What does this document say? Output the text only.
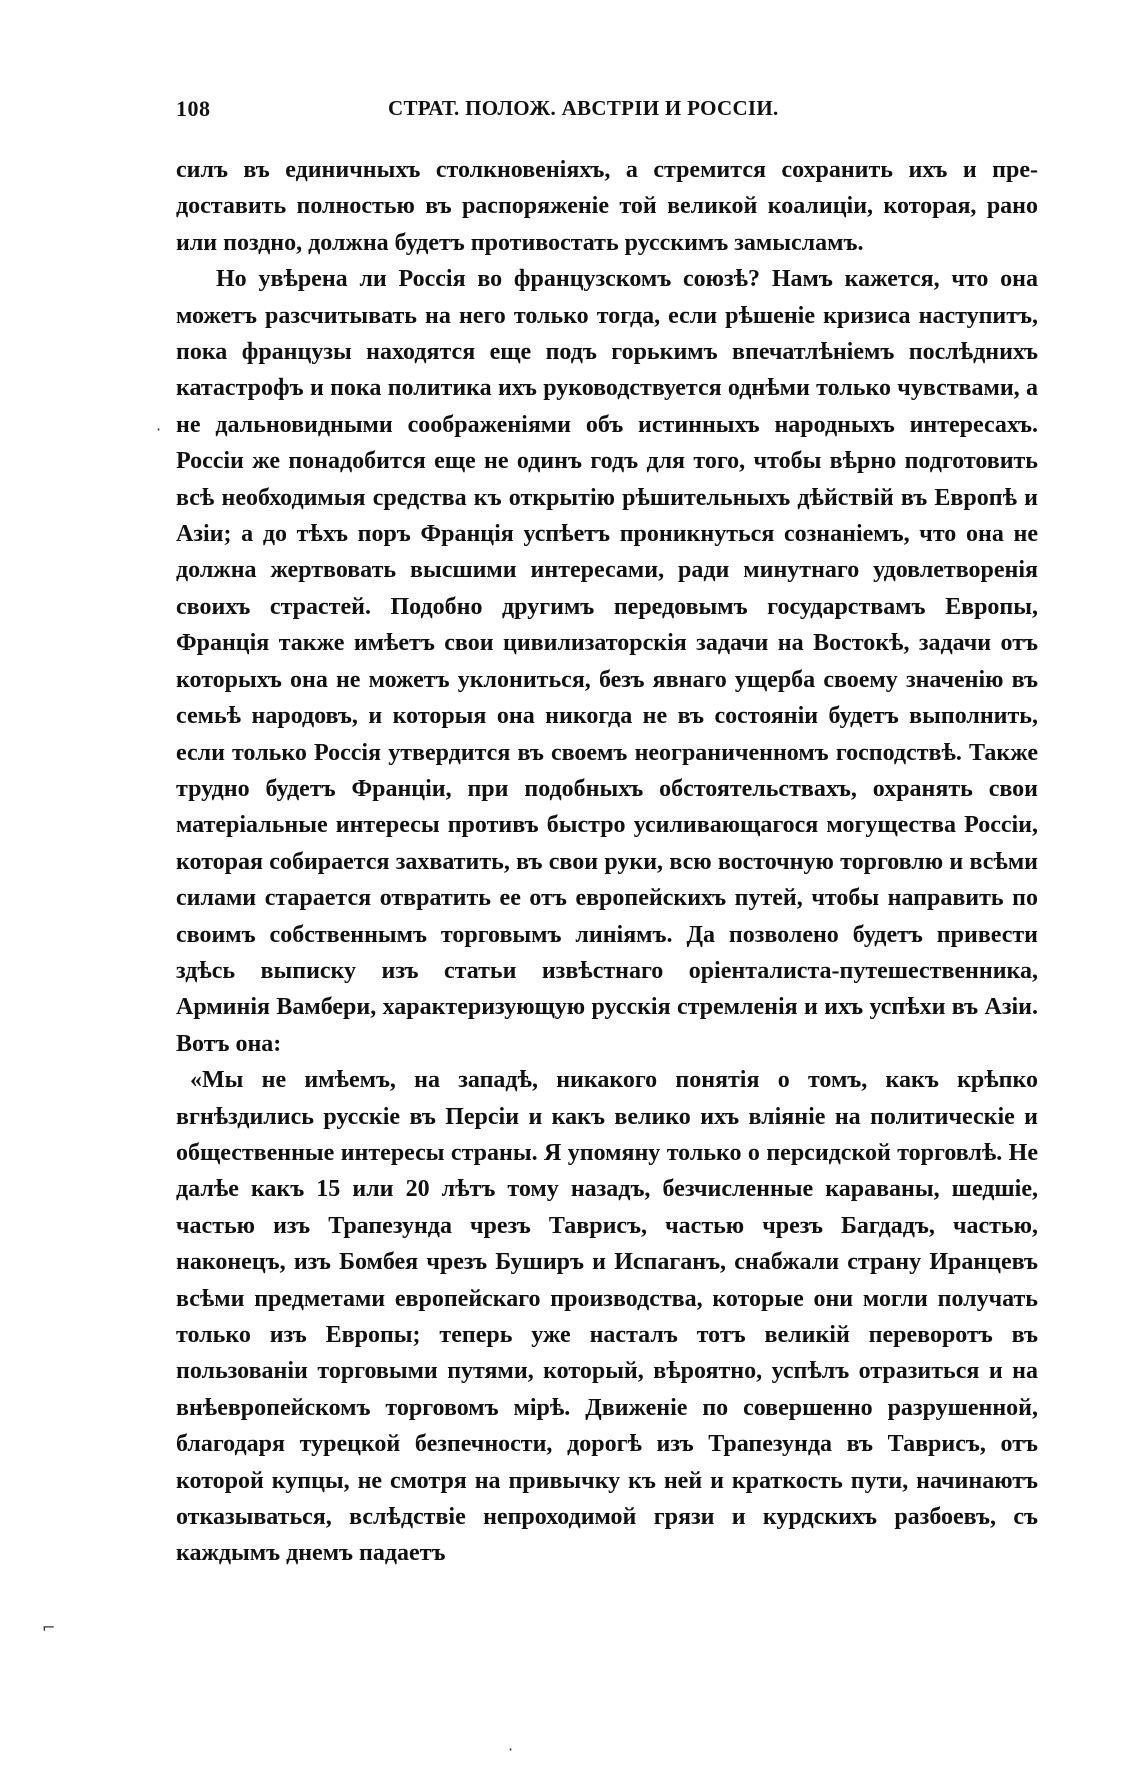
108	СТРАТ. ПОЛОЖ. АВСТРІИ И РОССІИ.

силъ въ единичныхъ столкновеніяхъ, а стремится сохранить ихъ и предоставить полностью въ распоряженіе той великой коалиціи, которая, рано или поздно, должна будетъ противостать русскимъ замысламъ.

Но увѣрена ли Россія во французскомъ союзѣ? Намъ кажется, что она можетъ разсчитывать на него только тогда, если рѣшеніе кризиса наступитъ, пока французы находятся еще подъ горькимъ впечатлѣніемъ послѣднихъ катастрофъ и пока политика ихъ руководствуется однѣми только чувствами, а не дальновидными соображеніями объ истинныхъ народныхъ интересахъ. Россіи же понадобится еще не одинъ годъ для того, чтобы вѣрно подготовить всѣ необходимыя средства къ открытію рѣшительныхъ дѣйствій въ Европѣ и Азіи; а до тѣхъ поръ Франція успѣетъ проникнуться сознаніемъ, что она не должна жертвовать высшими интересами, ради минутнаго удовлетворенія своихъ страстей. Подобно другимъ передовымъ государствамъ Европы, Франція также имѣетъ свои цивилизаторскія задачи на Востокѣ, задачи отъ которыхъ она не можетъ уклониться, безъ явнаго ущерба своему значенію въ семьѣ народовъ, и которыя она никогда не въ состояніи будетъ выполнить, если только Россія утвердится въ своемъ неограниченномъ господствѣ. Также трудно будетъ Франціи, при подобныхъ обстоятельствахъ, охранять свои матеріальные интересы противъ быстро усиливающагося могущества Россіи, которая собирается захватить, въ свои руки, всю восточную торговлю и всѣми силами старается отвратить ее отъ европейскихъ путей, чтобы направить по своимъ собственнымъ торговымъ линіямъ. Да позволено будетъ привести здѣсь выписку изъ статьи извѣстнаго оріенталиста-путешественника, Арминія Вамбери, характеризующую русскія стремленія и ихъ успѣхи въ Азіи. Вотъ она:

«Мы не имѣемъ, на западѣ, никакого понятія о томъ, какъ крѣпко вгнѣздились русскіе въ Персіи и какъ велико ихъ вліяніе на политическіе и общественные интересы страны. Я упомяну только о персидской торговлѣ. Не далѣе какъ 15 или 20 лѣтъ тому назадъ, безчисленные караваны, шедшіе, частью изъ Трапезунда чрезъ Таврисъ, частью чрезъ Багдадъ, частью, наконецъ, изъ Бомбея чрезъ Буширъ и Испаганъ, снабжали страну Иранцевъ всѣми предметами европейскаго производства, которые они могли получать только изъ Европы; теперь уже насталъ тотъ великій переворотъ въ пользованіи торговыми путями, который, вѣроятно, успѣлъ отразиться и на внѣевропейскомъ торговомъ мірѣ. Движеніе по совершенно разрушенной, благодаря турецкой безпечности, дорогѣ изъ Трапезунда въ Таврисъ, отъ которой купцы, не смотря на привычку къ ней и краткость пути, начинаютъ отказываться, вслѣдствіе непроходимой грязи и курдскихъ разбоевъ, съ каждымъ днемъ падаетъ

·
⌐
·
